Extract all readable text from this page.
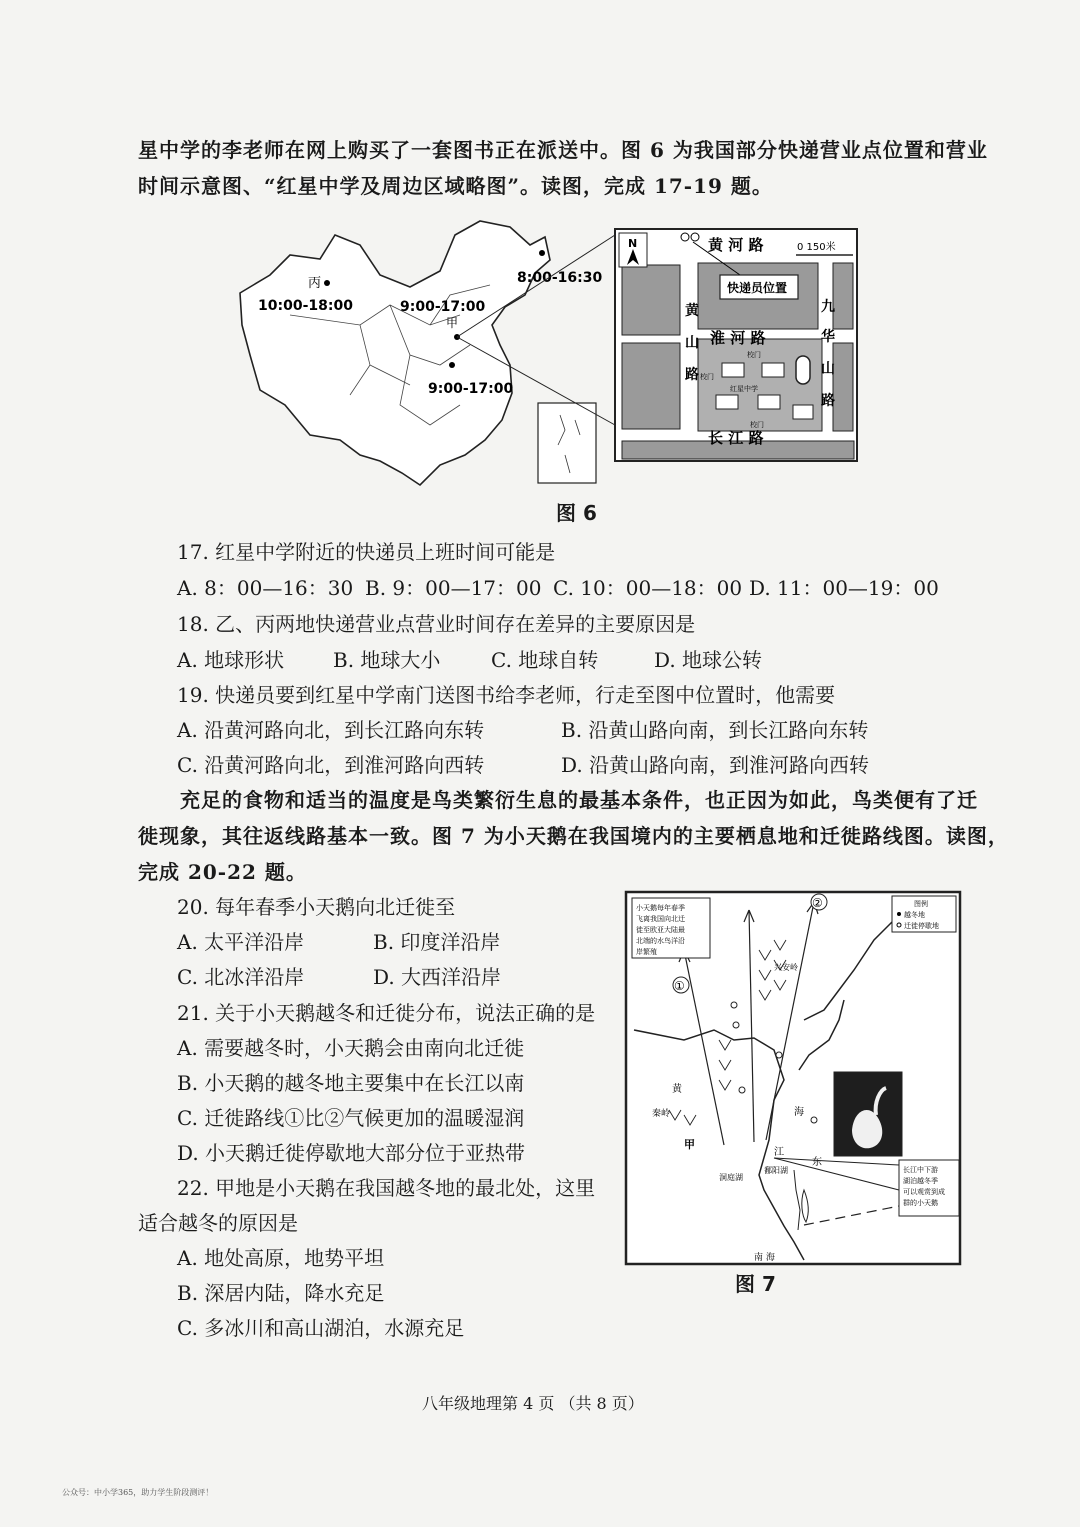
星中学的李老师在网上购买了一套图书正在派送中。图 6 为我国部分快递营业点位置和营业
时间示意图、“红星中学及周边区域略图”。读图，完成 17-19 题。
丙
10:00-18:00	9:00-17:00
8:00-16:30
甲
9:00-17:00
N	黄 河 路	0 150米
淮 河 路
长 江 路
黄
山
路
九
华
山
路
快递员位置
校门
校门
红星中学
校门
图 6
17. 红星中学附近的快递员上班时间可能是
A. 8：00—16：30 B. 9：00—17：00 C. 10：00—18：00 D. 11：00—19：00
18. 乙、丙两地快递营业点营业时间存在差异的主要原因是
A. 地球形状 B. 地球大小	C. 地球自转	D. 地球公转
19. 快递员要到红星中学南门送图书给李老师，行走至图中位置时，他需要
A. 沿黄河路向北，到长江路向东转	B. 沿黄山路向南，到长江路向东转
C. 沿黄河路向北，到淮河路向西转	D. 沿黄山路向南，到淮河路向西转
充足的食物和适当的温度是鸟类繁衍生息的最基本条件，也正因为如此，鸟类便有了迁
徙现象，其往返线路基本一致。图 7 为小天鹅在我国境内的主要栖息地和迁徙路线图。读图，
完成 20-22 题。
20. 每年春季小天鹅向北迁徙至
A. 太平洋沿岸	B. 印度洋沿岸
C. 北冰洋沿岸	D. 大西洋沿岸
21. 关于小天鹅越冬和迁徙分布，说法正确的是
A. 需要越冬时，小天鹅会由南向北迁徙
B. 小天鹅的越冬地主要集中在长江以南
C. 迁徙路线①比②气候更加的温暖湿润
D. 小天鹅迁徙停歇地大部分位于亚热带
22. 甲地是小天鹅在我国越冬地的最北处，这里
适合越冬的原因是
A. 地处高原，地势平坦
B. 深居内陆，降水充足
C. 多冰川和高山湖泊，水源充足
小天鹅每年春季
飞离我国向北迁
徙至欧亚大陆最
北端的水鸟洋沿
岸繁殖
图例
越冬地
迁徙停歇地
①
②
黄
秦岭
甲
江
海
东
兴安岭
洞庭湖
鄱阳湖
南 海
长江中下游
湖泊越冬季
可以观赏到成
群的小天鹅
图 7
八年级地理第 4 页 （共 8 页）
公众号：中小学365，助力学生阶段测评！
